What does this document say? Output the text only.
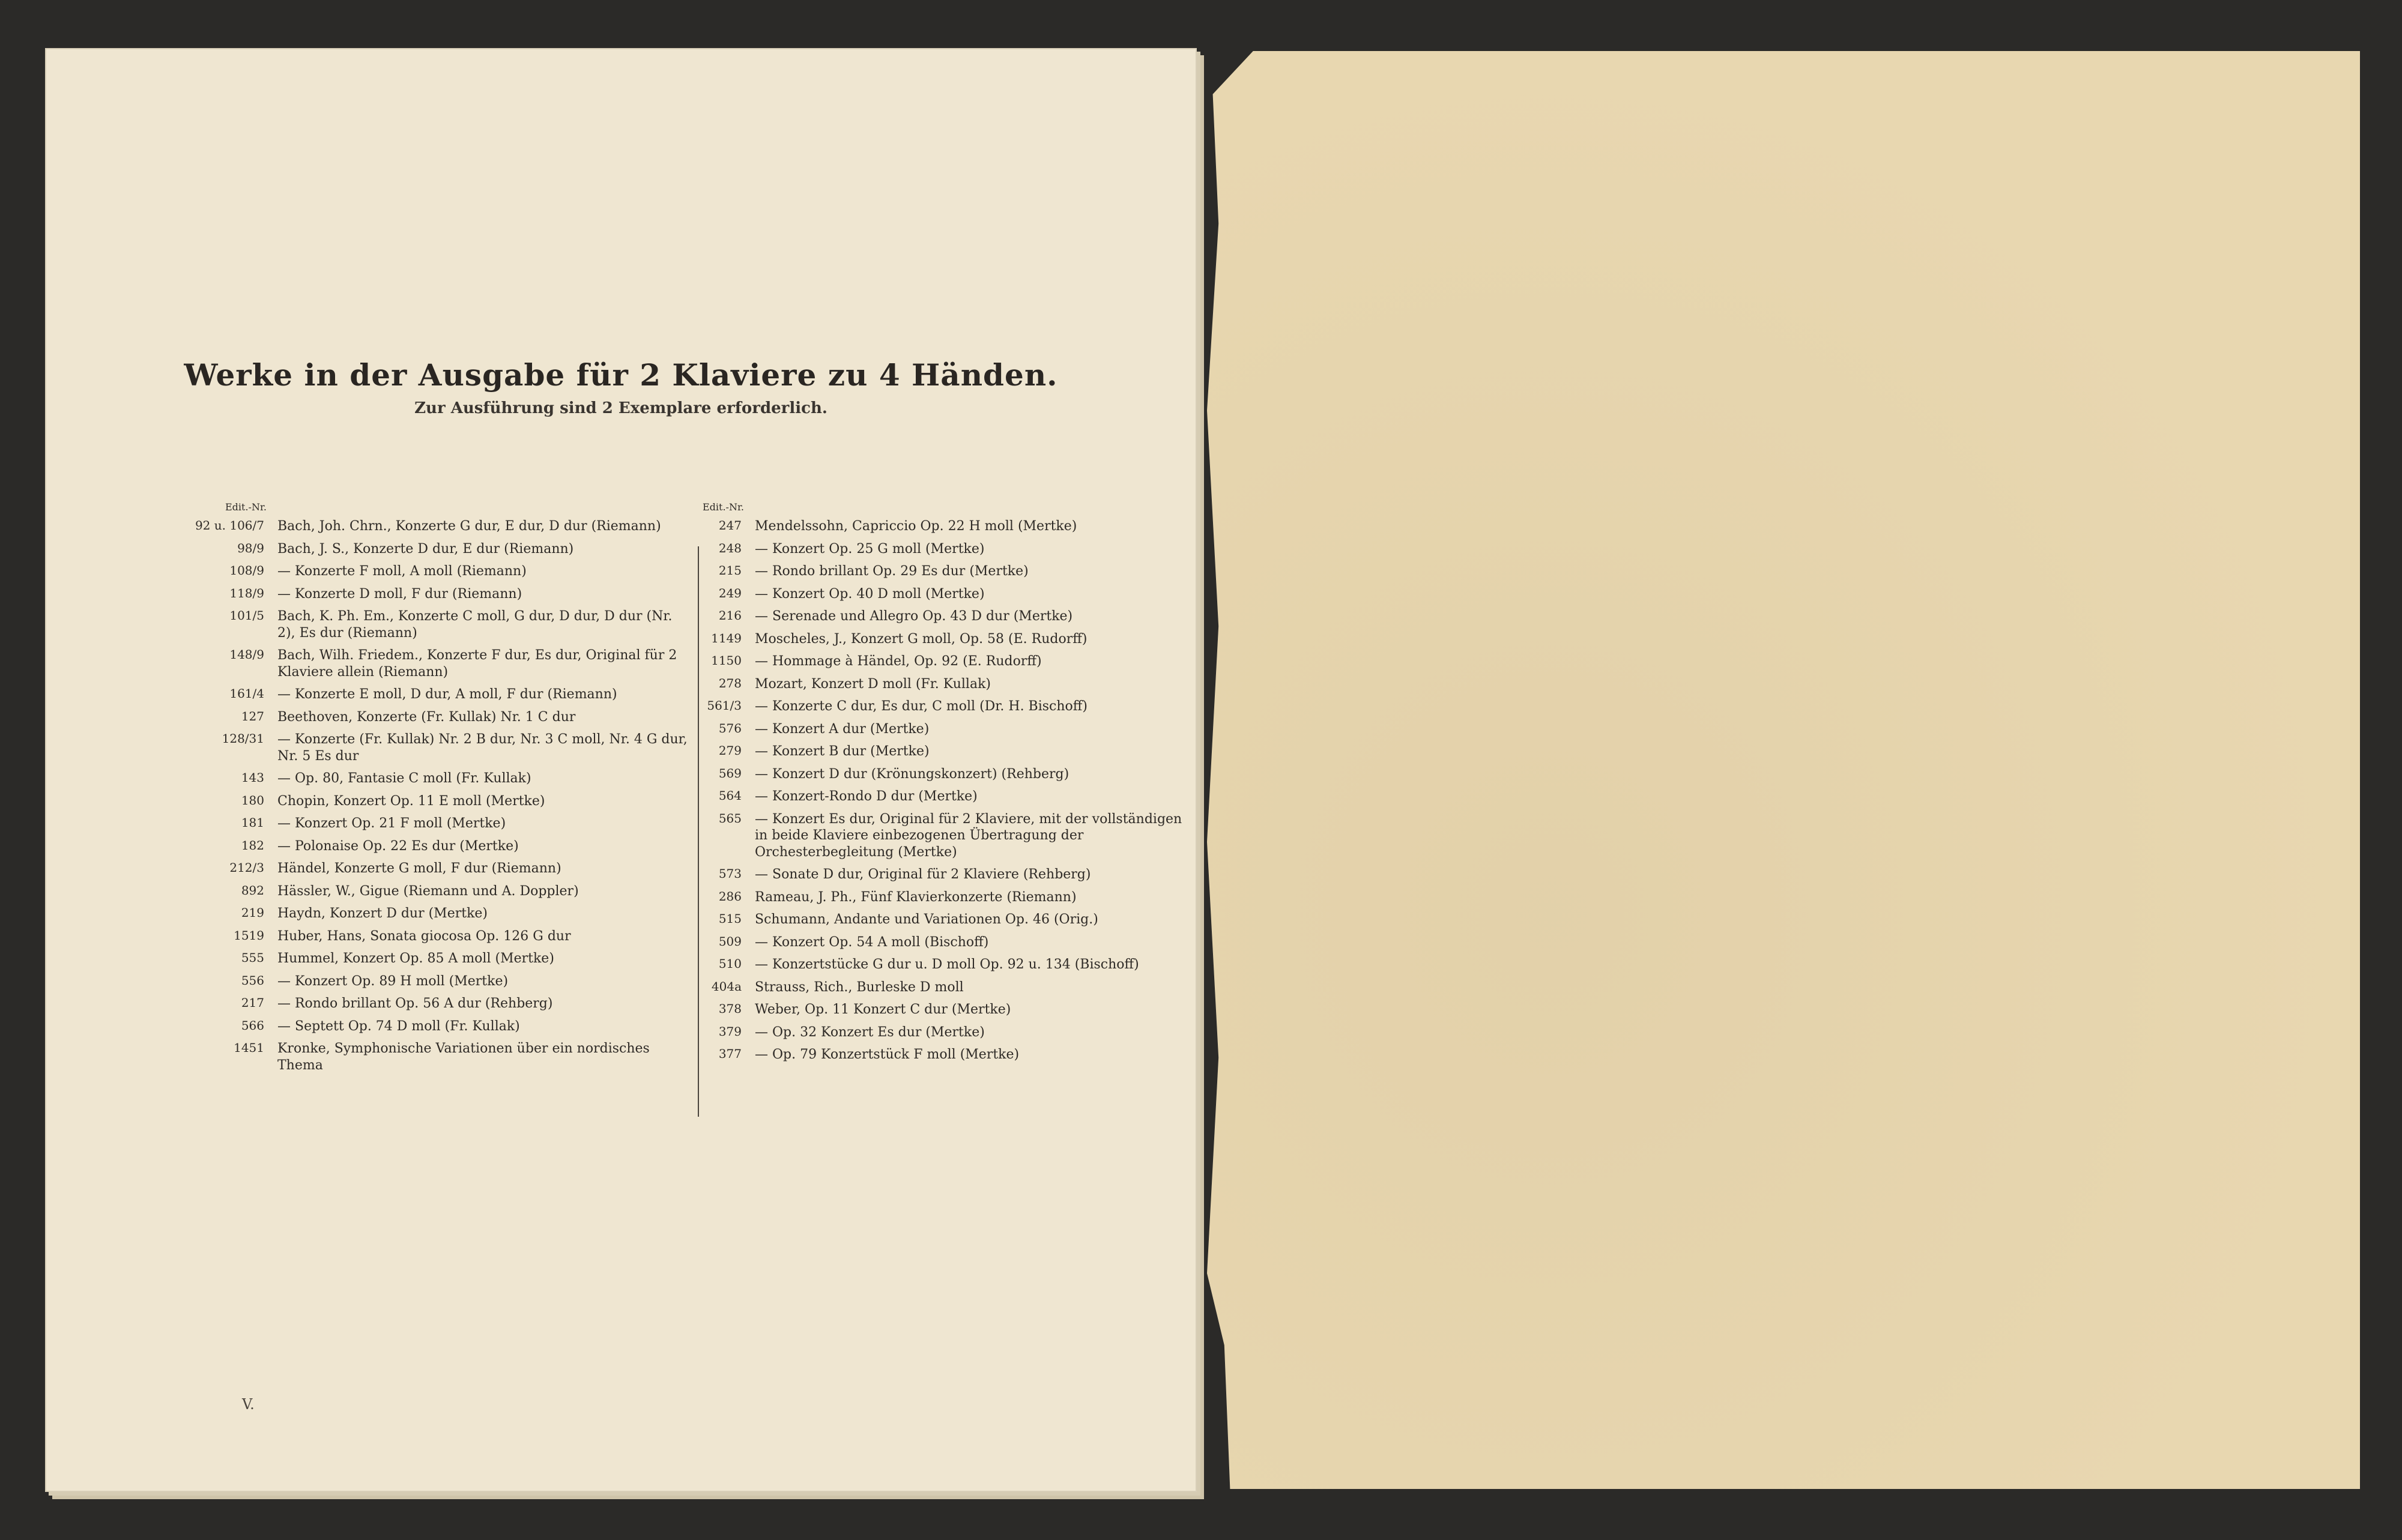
Werke in der Ausgabe für 2 Klaviere zu 4 Händen.
Zur Ausführung sind 2 Exemplare erforderlich.
Edit.-Nr.
92 u. 106/7	Bach, Joh. Chrn., Konzerte G dur, E dur, D dur (Riemann)
98/9	Bach, J. S., Konzerte D dur, E dur (Riemann)
108/9	— Konzerte F moll, A moll (Riemann)
118/9	— Konzerte D moll, F dur (Riemann)
101/5	Bach, K. Ph. Em., Konzerte C moll, G dur, D dur, D dur (Nr. 2), Es dur (Riemann)
148/9	Bach, Wilh. Friedem., Konzerte F dur, Es dur, Original für 2 Klaviere allein (Riemann)
161/4	— Konzerte E moll, D dur, A moll, F dur (Riemann)
127	Beethoven, Konzerte (Fr. Kullak) Nr. 1 C dur
128/31	— Konzerte (Fr. Kullak) Nr. 2 B dur, Nr. 3 C moll, Nr. 4 G dur, Nr. 5 Es dur
143	— Op. 80, Fantasie C moll (Fr. Kullak)
180	Chopin, Konzert Op. 11 E moll (Mertke)
181	— Konzert Op. 21 F moll (Mertke)
182	— Polonaise Op. 22 Es dur (Mertke)
212/3	Händel, Konzerte G moll, F dur (Riemann)
892	Hässler, W., Gigue (Riemann und A. Doppler)
219	Haydn, Konzert D dur (Mertke)
1519	Huber, Hans, Sonata giocosa Op. 126 G dur
555	Hummel, Konzert Op. 85 A moll (Mertke)
556	— Konzert Op. 89 H moll (Mertke)
217	— Rondo brillant Op. 56 A dur (Rehberg)
566	— Septett Op. 74 D moll (Fr. Kullak)
1451	Kronke, Symphonische Variationen über ein nordisches Thema
Edit.-Nr.
247	Mendelssohn, Capriccio Op. 22 H moll (Mertke)
248	— Konzert Op. 25 G moll (Mertke)
215	— Rondo brillant Op. 29 Es dur (Mertke)
249	— Konzert Op. 40 D moll (Mertke)
216	— Serenade und Allegro Op. 43 D dur (Mertke)
1149	Moscheles, J., Konzert G moll, Op. 58 (E. Rudorff)
1150	— Hommage à Händel, Op. 92 (E. Rudorff)
278	Mozart, Konzert D moll (Fr. Kullak)
561/3	— Konzerte C dur, Es dur, C moll (Dr. H. Bischoff)
576	— Konzert A dur (Mertke)
279	— Konzert B dur (Mertke)
569	— Konzert D dur (Krönungskonzert) (Rehberg)
564	— Konzert-Rondo D dur (Mertke)
565	— Konzert Es dur, Original für 2 Klaviere, mit der vollständigen in beide Klaviere einbezogenen Übertragung der Orchesterbegleitung (Mertke)
573	— Sonate D dur, Original für 2 Klaviere (Rehberg)
286	Rameau, J. Ph., Fünf Klavierkonzerte (Riemann)
515	Schumann, Andante und Variationen Op. 46 (Orig.)
509	— Konzert Op. 54 A moll (Bischoff)
510	— Konzertstücke G dur u. D moll Op. 92 u. 134 (Bischoff)
404a	Strauss, Rich., Burleske D moll
378	Weber, Op. 11 Konzert C dur (Mertke)
379	— Op. 32 Konzert Es dur (Mertke)
377	— Op. 79 Konzertstück F moll (Mertke)
V.
